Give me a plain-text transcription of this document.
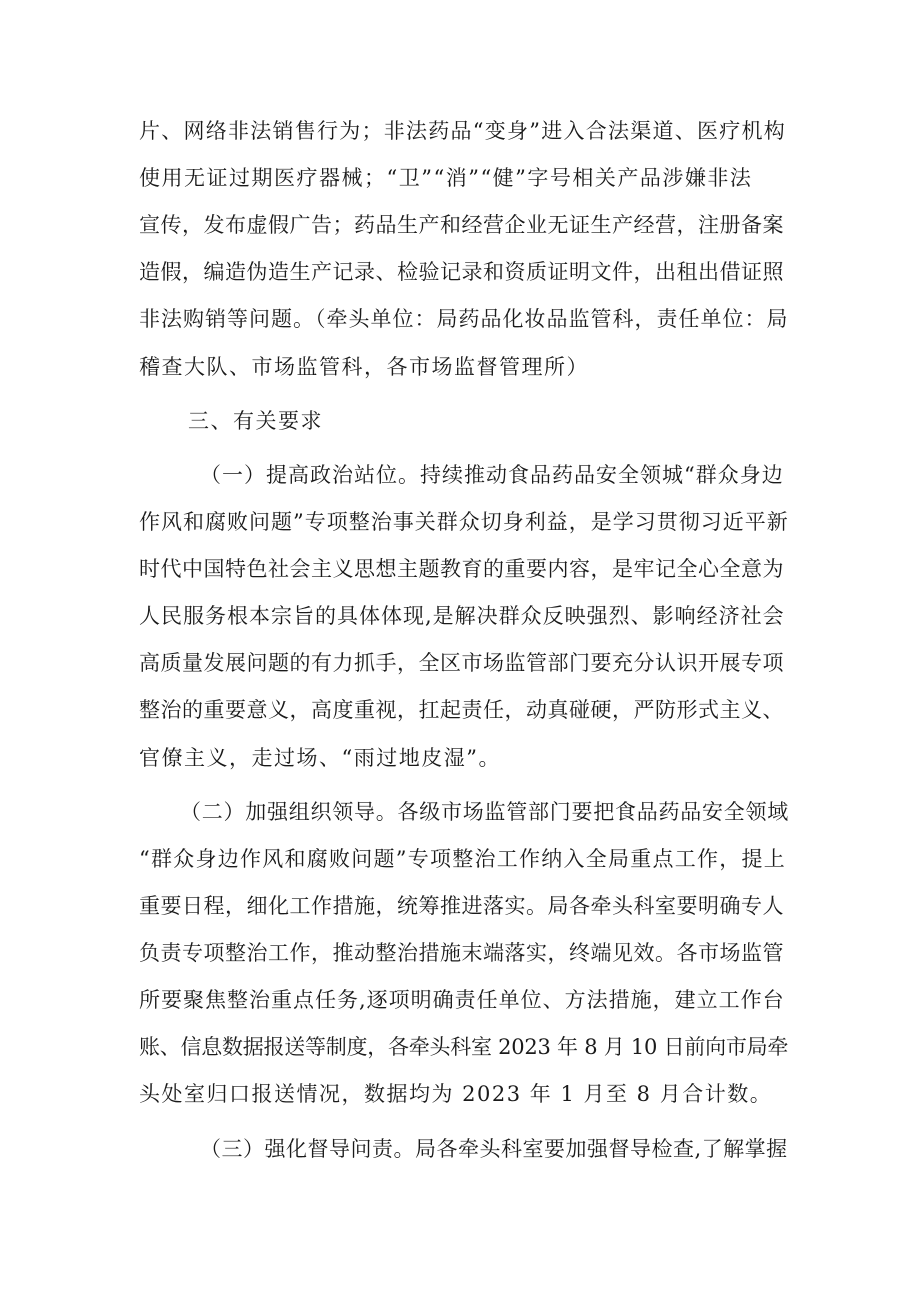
片、网络非法销售行为；非法药品“变身”进入合法渠道、医疗机构
使用无证过期医疗器械；“卫”“消”“健”字号相关产品涉嫌非法
宣传，发布虚假广告；药品生产和经营企业无证生产经营，注册备案
造假，编造伪造生产记录、检验记录和资质证明文件，出租出借证照
非法购销等问题。（牵头单位：局药品化妆品监管科，责任单位：局
稽查大队、市场监管科，各市场监督管理所）
三、有关要求
（一）提高政治站位。持续推动食品药品安全领城“群众身边
作风和腐败问题”专项整治事关群众切身利益，是学习贯彻习近平新
时代中国特色社会主义思想主题教育的重要内容，是牢记全心全意为
人民服务根本宗旨的具体体现,是解决群众反映强烈、影响经济社会
高质量发展问题的有力抓手，全区市场监管部门要充分认识开展专项
整治的重要意义，高度重视，扛起责任，动真碰硬，严防形式主义、
官僚主义，走过场、“雨过地皮湿”。
（二）加强组织领导。各级市场监管部门要把食品药品安全领域
“群众身边作风和腐败问题”专项整治工作纳入全局重点工作，提上
重要日程，细化工作措施，统筹推进落实。局各牵头科室要明确专人
负责专项整治工作，推动整治措施末端落实，终端见效。各市场监管
所要聚焦整治重点任务,逐项明确责任单位、方法措施，建立工作台
账、信息数据报送等制度，各牵头科室 2023 年 8 月 10 日前向市局牵
头处室归口报送情况，数据均为 2023 年 1 月至 8 月合计数。
（三）强化督导问责。局各牵头科室要加强督导检查,了解掌握
